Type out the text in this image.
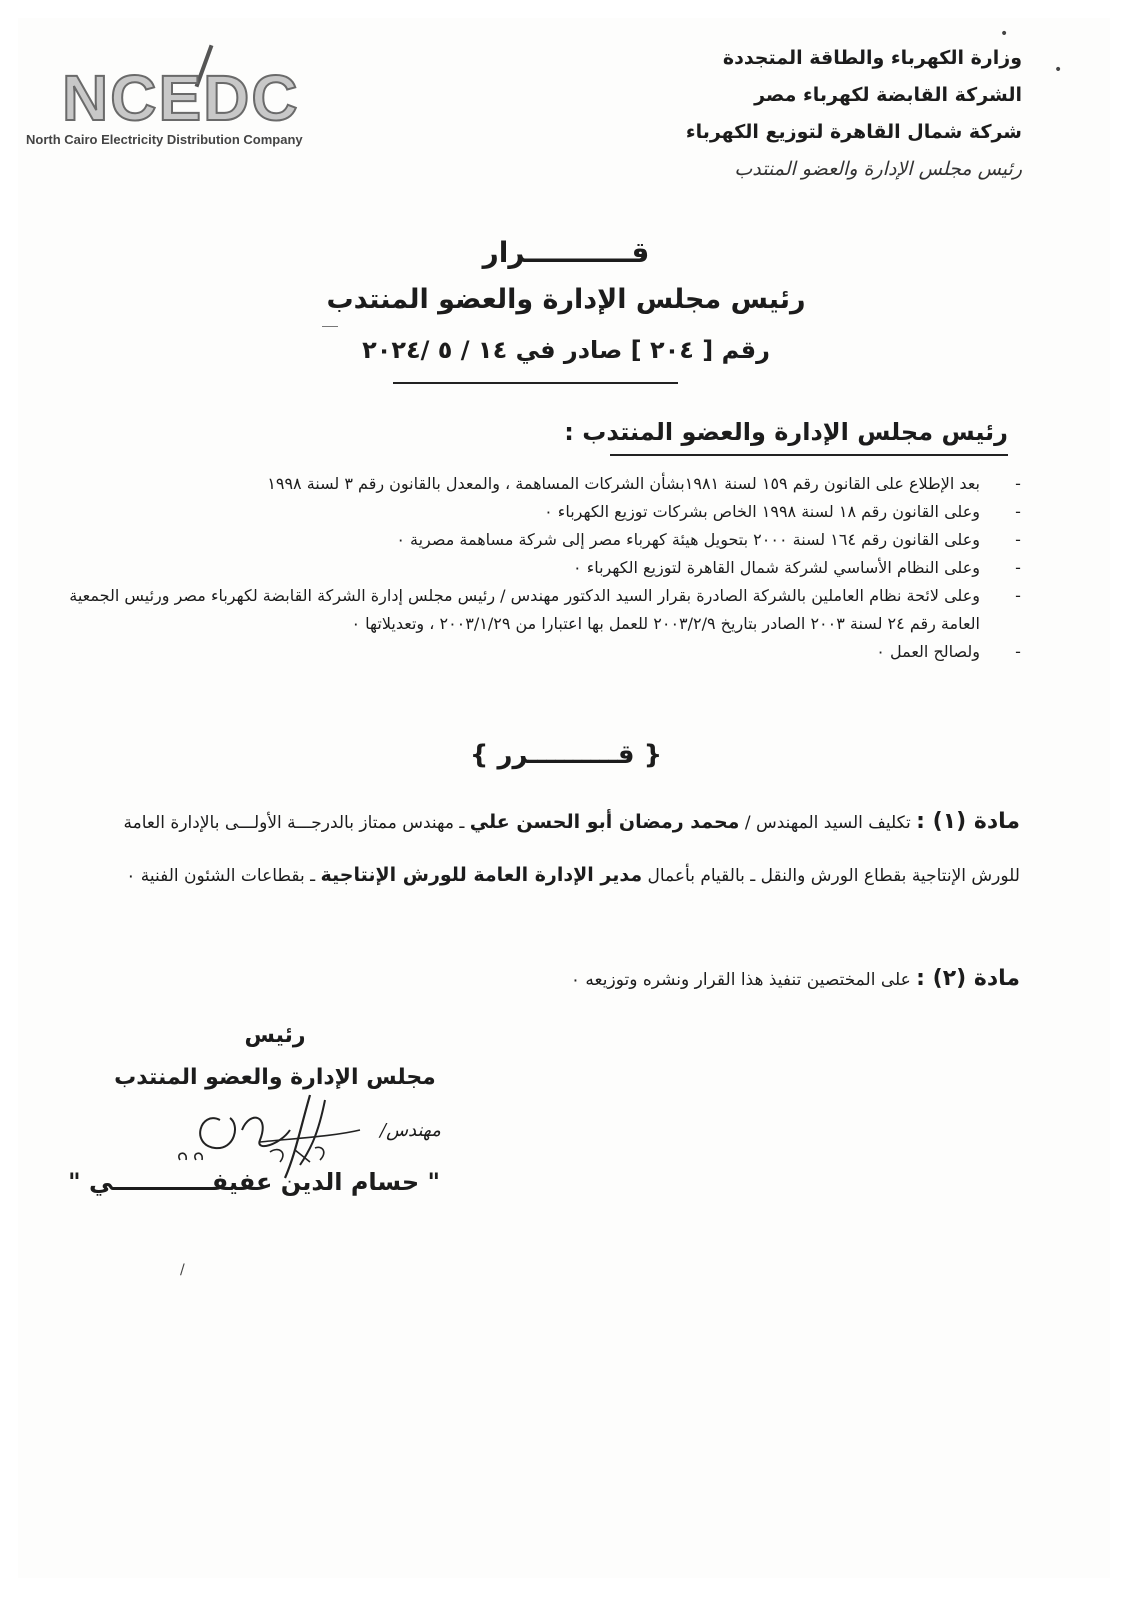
NCEDC
North Cairo Electricity Distribution Company
وزارة الكهرباء والطاقة المتجددة
الشركة القابضة لكهرباء مصر
شركة شمال القاهرة لتوزيع الكهرباء
رئيس مجلس الإدارة والعضو المنتدب
•
•
قـــــــــــرار
رئيس مجلس الإدارة والعضو المنتدب
رقم [ ٢٠٤ ] صادر في ١٤ / ٥ /٢٠٢٤
رئيس مجلس الإدارة والعضو المنتدب :
-
بعد الإطلاع على القانون رقم ١٥٩ لسنة ١٩٨١بشأن الشركات المساهمة ، والمعدل بالقانون رقم ٣ لسنة ١٩٩٨
-
وعلى القانون رقم ١٨ لسنة ١٩٩٨ الخاص بشركات توزيع الكهرباء ٠
-
وعلى القانون رقم ١٦٤ لسنة ٢٠٠٠ بتحويل هيئة كهرباء مصر إلى شركة مساهمة مصرية ٠
-
وعلى النظام الأساسي لشركة شمال القاهرة لتوزيع الكهرباء ٠
-
وعلى لائحة نظام العاملين بالشركة الصادرة بقرار السيد الدكتور مهندس / رئيس مجلس إدارة الشركة القابضة لكهرباء مصر ورئيس الجمعية العامة رقم ٢٤ لسنة ٢٠٠٣ الصادر بتاريخ ٢٠٠٣/٢/٩ للعمل بها اعتبارا من ٢٠٠٣/١/٢٩ ، وتعديلاتها ٠
-
ولصالح العمل ٠
{ قــــــــــرر }
مادة (١) : تكليف السيد المهندس / محمد رمضان أبو الحسن علي ـ مهندس ممتاز بالدرجـــة الأولـــى بالإدارة العامة للورش الإنتاجية بقطاع الورش والنقل ـ بالقيام بأعمال مدير الإدارة العامة للورش الإنتاجية ـ بقطاعات الشئون الفنية ٠
مادة (٢) : على المختصين تنفيذ هذا القرار ونشره وتوزيعه ٠
رئيس
مجلس الإدارة والعضو المنتدب
مهندس/
" حسام الدين عفيفــــــــــــي "
/
